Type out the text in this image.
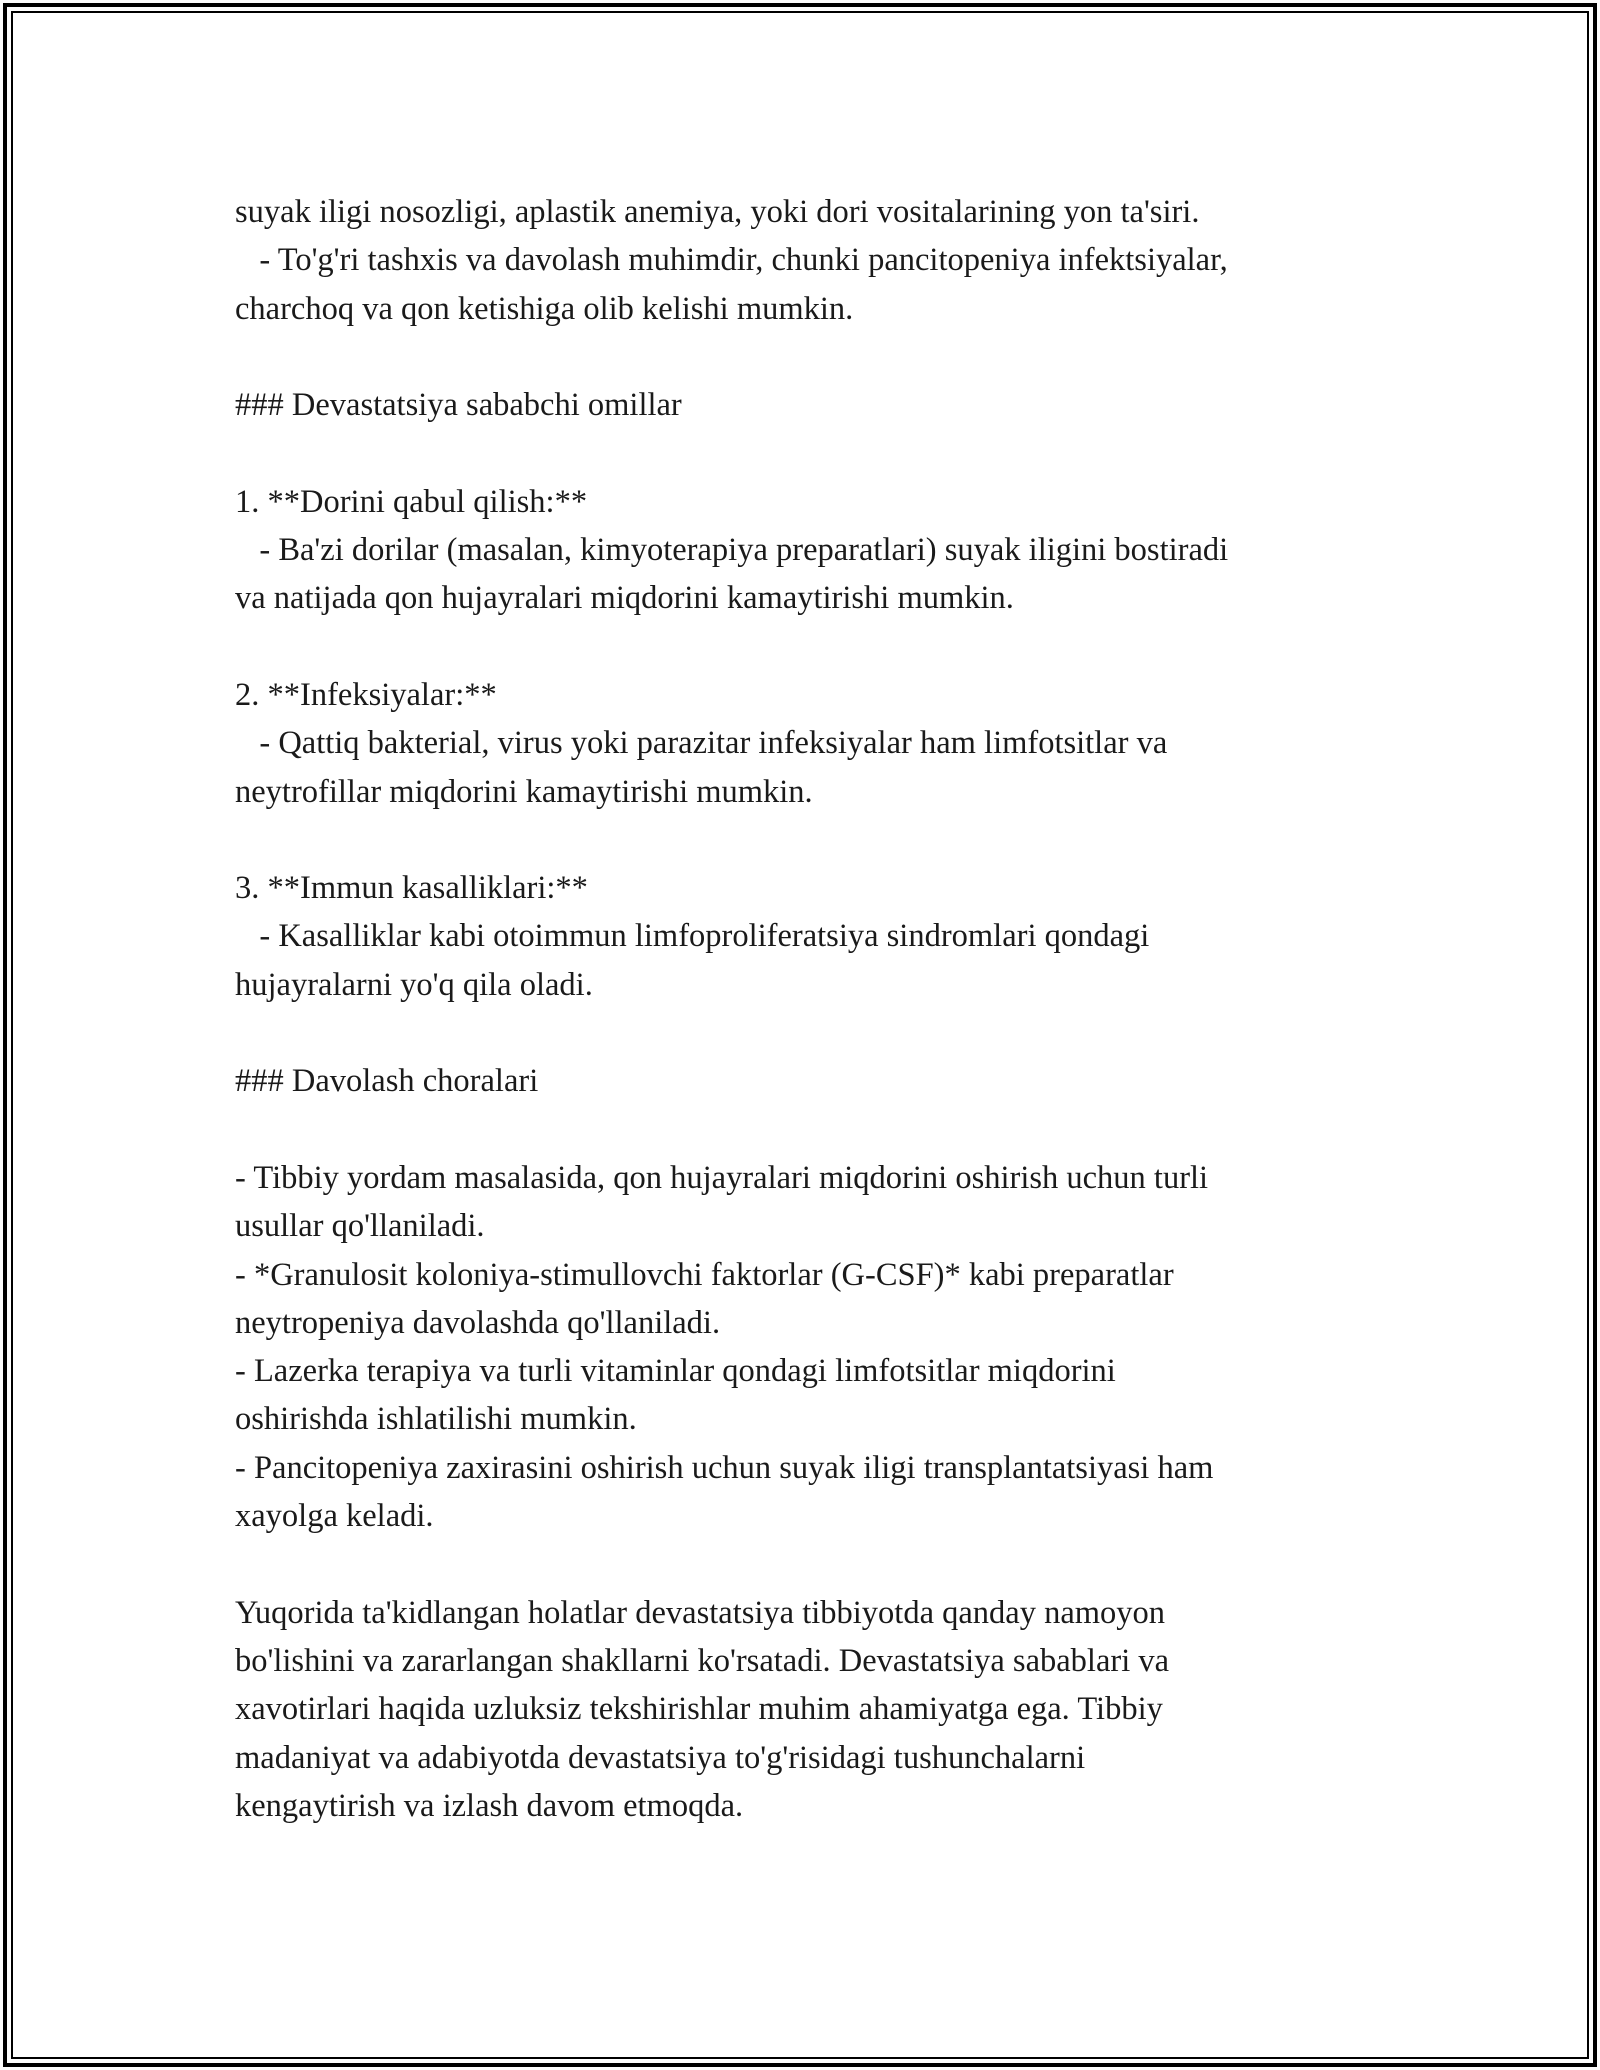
suyak iligi nosozligi, aplastik anemiya, yoki dori vositalarining yon ta'siri.
- To'g'ri tashxis va davolash muhimdir, chunki pancitopeniya infektsiyalar,
charchoq va qon ketishiga olib kelishi mumkin.
### Devastatsiya sababchi omillar
1. **Dorini qabul qilish:**
- Ba'zi dorilar (masalan, kimyoterapiya preparatlari) suyak iligini bostiradi
va natijada qon hujayralari miqdorini kamaytirishi mumkin.
2. **Infeksiyalar:**
- Qattiq bakterial, virus yoki parazitar infeksiyalar ham limfotsitlar va
neytrofillar miqdorini kamaytirishi mumkin.
3. **Immun kasalliklari:**
- Kasalliklar kabi otoimmun limfoproliferatsiya sindromlari qondagi
hujayralarni yo'q qila oladi.
### Davolash choralari
- Tibbiy yordam masalasida, qon hujayralari miqdorini oshirish uchun turli
usullar qo'llaniladi.
- *Granulosit koloniya-stimullovchi faktorlar (G-CSF)* kabi preparatlar
neytropeniya davolashda qo'llaniladi.
- Lazerka terapiya va turli vitaminlar qondagi limfotsitlar miqdorini
oshirishda ishlatilishi mumkin.
- Pancitopeniya zaxirasini oshirish uchun suyak iligi transplantatsiyasi ham
xayolga keladi.
Yuqorida ta'kidlangan holatlar devastatsiya tibbiyotda qanday namoyon
bo'lishini va zararlangan shakllarni ko'rsatadi. Devastatsiya sabablari va
xavotirlari haqida uzluksiz tekshirishlar muhim ahamiyatga ega. Tibbiy
madaniyat va adabiyotda devastatsiya to'g'risidagi tushunchalarni
kengaytirish va izlash davom etmoqda.
